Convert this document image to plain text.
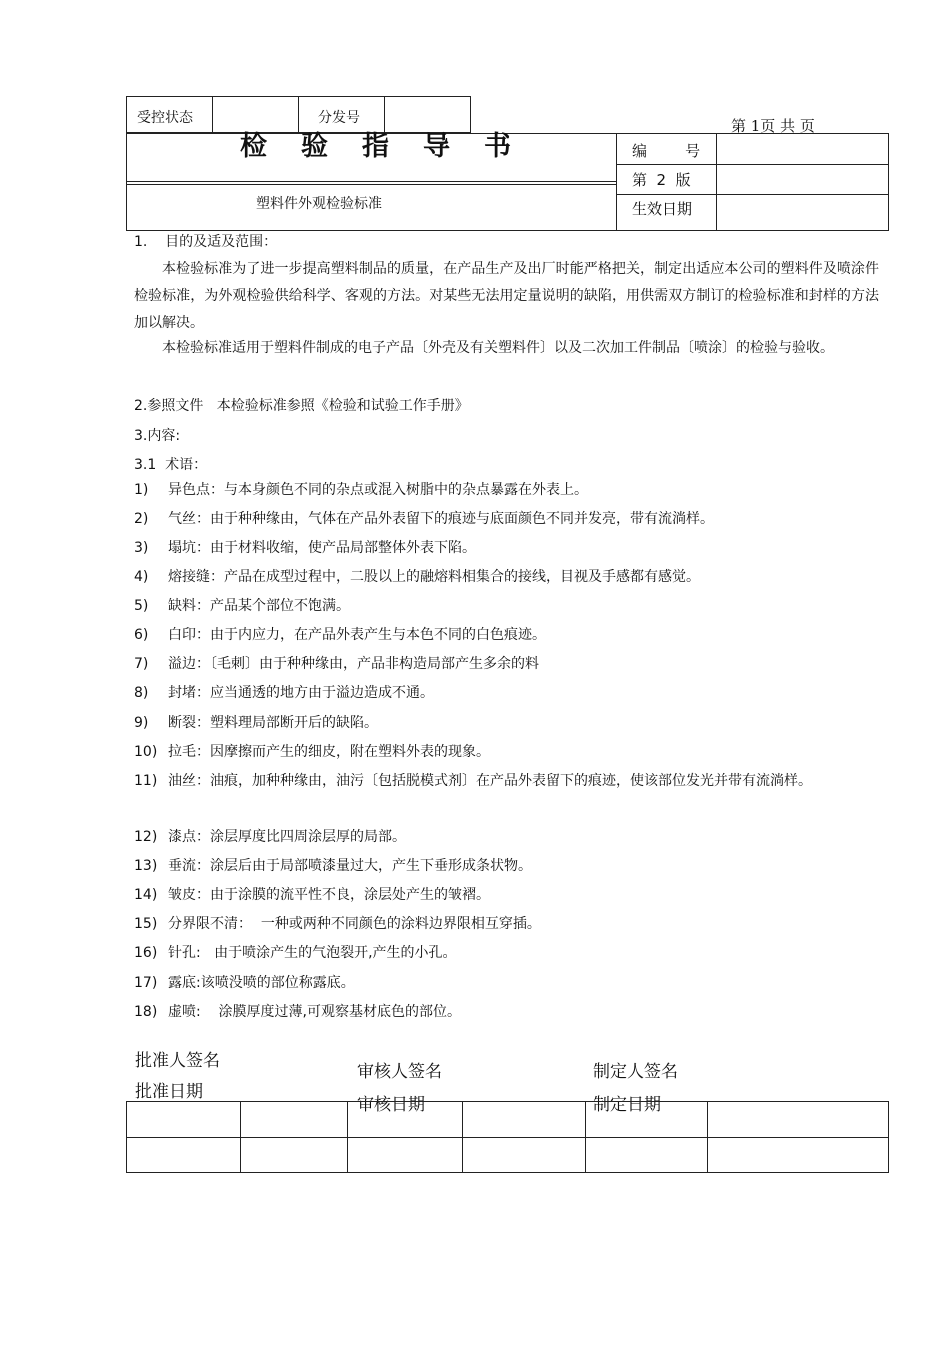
受控状态	分发号	第 1页 共 页
检验指导书
塑料件外观检验标准
编        号
第  2  版
生效日期
1.    目的及适及范围：
本检验标准为了进一步提高塑料制品的质量，在产品生产及出厂时能严格把关，制定出适应本公司的塑料件及喷涂件检验标准，为外观检验供给科学、客观的方法。对某些无法用定量说明的缺陷，用供需双方制订的检验标准和封样的方法加以解决。
本检验标准适用于塑料件制成的电子产品〔外壳及有关塑料件〕以及二次加工件制品〔喷涂〕的检验与验收。
2.参照文件   本检验标准参照《检验和试验工作手册》
3.内容:
3.1  术语：
1)	异色点：与本身颜色不同的杂点或混入树脂中的杂点暴露在外表上。
2)	气丝：由于种种缘由，气体在产品外表留下的痕迹与底面颜色不同并发亮，带有流淌样。
3)	塌坑：由于材料收缩，使产品局部整体外表下陷。
4)	熔接缝：产品在成型过程中，二股以上的融熔料相集合的接线，目视及手感都有感觉。
5)	缺料：产品某个部位不饱满。
6)	白印：由于内应力，在产品外表产生与本色不同的白色痕迹。
7)	溢边：〔毛刺〕由于种种缘由，产品非构造局部产生多余的料
8)	封堵：应当通透的地方由于溢边造成不通。
9)	断裂：塑料理局部断开后的缺陷。
10) 拉毛：因摩擦而产生的细皮，附在塑料外表的现象。
11) 油丝：油痕，加种种缘由，油污〔包括脱模式剂〕在产品外表留下的痕迹，使该部位发光并带有流淌样。
12) 漆点：涂层厚度比四周涂层厚的局部。
13) 垂流：涂层后由于局部喷漆量过大，产生下垂形成条状物。
14) 皱皮：由于涂膜的流平性不良，涂层处产生的皱褶。
15) 分界限不清：  一种或两种不同颜色的涂料边界限相互穿插。
16) 针孔:   由于喷涂产生的气泡裂开,产生的小孔。
17) 露底:该喷没喷的部位称露底。
18) 虚喷:    涂膜厚度过薄,可观察基材底色的部位。
批准人签名
批准日期
审核人签名
审核日期
制定人签名
制定日期
